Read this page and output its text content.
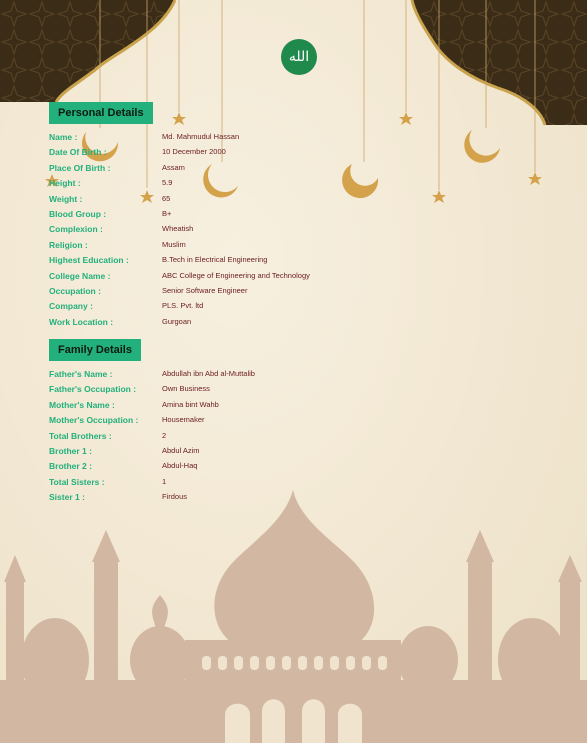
الله
Personal Details
Name :	Md. Mahmudul Hassan
Date Of Birth :	10 December 2000
Place Of Birth :	Assam
Height :	5.9
Weight :	65
Blood Group :	B+
Complexion :	Wheatish
Religion :	Muslim
Highest Education :	B.Tech in Electrical Engineering
College Name :	ABC College of Engineering and Technology
Occupation :	Senior Software Engineer
Company :	PLS. Pvt. ltd
Work Location :	Gurgoan
Family Details
Father's Name :	Abdullah ibn Abd al-Muttalib
Father's Occupation :	Own Business
Mother's Name :	Amina bint Wahb
Mother's Occupation :	Housemaker
Total Brothers :	2
Brother 1 :	Abdul Azim
Brother 2 :	Abdul-Haq
Total Sisters :	1
Sister 1 :	Firdous
